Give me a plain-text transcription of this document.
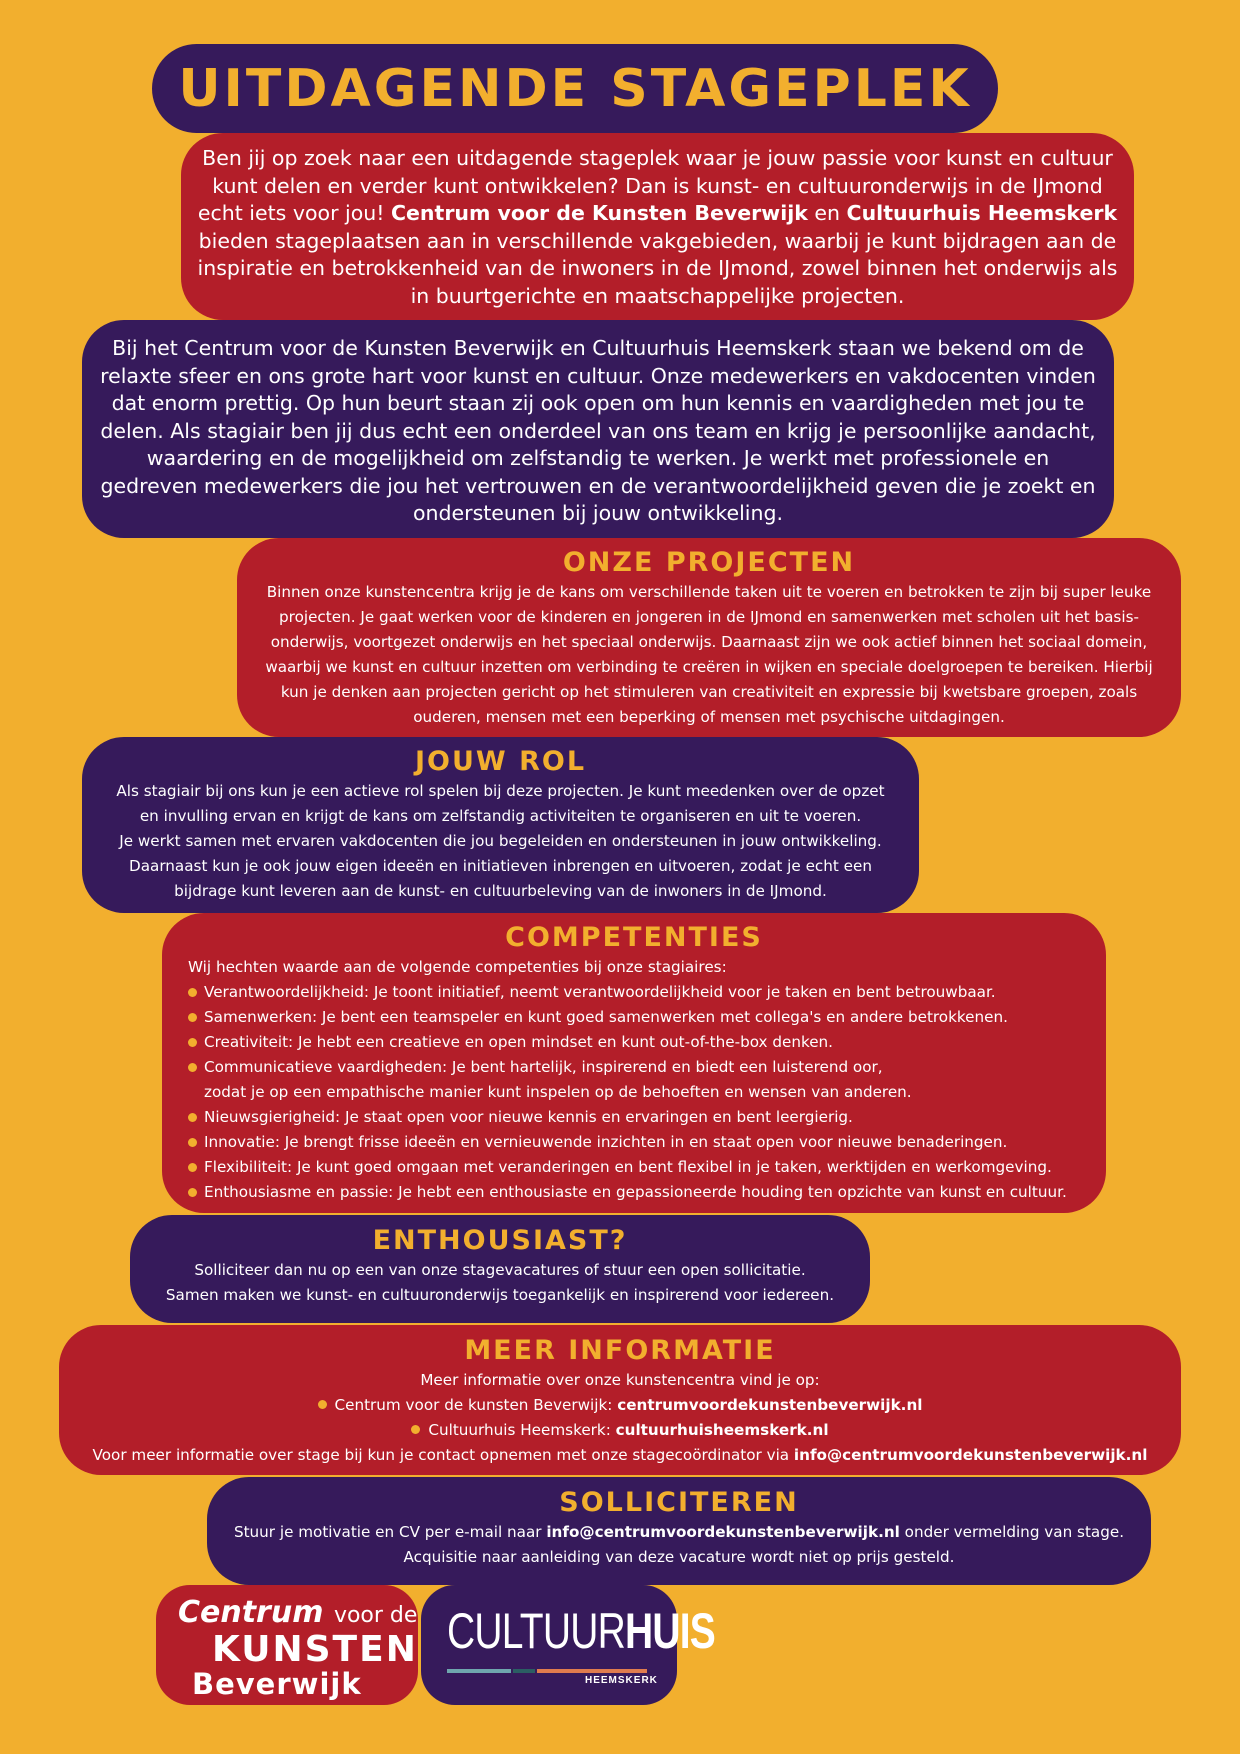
UITDAGENDE STAGEPLEK

Ben jij op zoek naar een uitdagende stageplek waar je jouw passie voor kunst en cultuur kunt delen en verder kunt ontwikkelen? Dan is kunst- en cultuuronderwijs in de IJmond echt iets voor jou! Centrum voor de Kunsten Beverwijk en Cultuurhuis Heemskerk bieden stageplaatsen aan in verschillende vakgebieden, waarbij je kunt bijdragen aan de inspiratie en betrokkenheid van de inwoners in de IJmond, zowel binnen het onderwijs als in buurtgerichte en maatschappelijke projecten.

Bij het Centrum voor de Kunsten Beverwijk en Cultuurhuis Heemskerk staan we bekend om de relaxte sfeer en ons grote hart voor kunst en cultuur. Onze medewerkers en vakdocenten vinden dat enorm prettig. Op hun beurt staan zij ook open om hun kennis en vaardigheden met jou te delen. Als stagiair ben jij dus echt een onderdeel van ons team en krijg je persoonlijke aandacht, waardering en de mogelijkheid om zelfstandig te werken. Je werkt met professionele en gedreven medewerkers die jou het vertrouwen en de verantwoordelijkheid geven die je zoekt en ondersteunen bij jouw ontwikkeling.

ONZE PROJECTEN

Binnen onze kunstencentra krijg je de kans om verschillende taken uit te voeren en betrokken te zijn bij super leuke projecten. Je gaat werken voor de kinderen en jongeren in de IJmond en samenwerken met scholen uit het basis-onderwijs, voortgezet onderwijs en het speciaal onderwijs. Daarnaast zijn we ook actief binnen het sociaal domein, waarbij we kunst en cultuur inzetten om verbinding te creëren in wijken en speciale doelgroepen te bereiken. Hierbij kun je denken aan projecten gericht op het stimuleren van creativiteit en expressie bij kwetsbare groepen, zoals ouderen, mensen met een beperking of mensen met psychische uitdagingen.

JOUW ROL
Als stagiair bij ons kun je een actieve rol spelen bij deze projecten. Je kunt meedenken over de opzet
en invulling ervan en krijgt de kans om zelfstandig activiteiten te organiseren en uit te voeren.
Je werkt samen met ervaren vakdocenten die jou begeleiden en ondersteunen in jouw ontwikkeling.
Daarnaast kun je ook jouw eigen ideeën en initiatieven inbrengen en uitvoeren, zodat je echt een
bijdrage kunt leveren aan de kunst- en cultuurbeleving van de inwoners in de IJmond.
COMPETENTIES
Wij hechten waarde aan de volgende competenties bij onze stagiaires:
Verantwoordelijkheid: Je toont initiatief, neemt verantwoordelijkheid voor je taken en bent betrouwbaar.
Samenwerken: Je bent een teamspeler en kunt goed samenwerken met collega's en andere betrokkenen.
Creativiteit: Je hebt een creatieve en open mindset en kunt out-of-the-box denken.
Communicatieve vaardigheden: Je bent hartelijk, inspirerend en biedt een luisterend oor, zodat je op een empathische manier kunt inspelen op de behoeften en wensen van anderen.
Nieuwsgierigheid: Je staat open voor nieuwe kennis en ervaringen en bent leergierig.
Innovatie: Je brengt frisse ideeën en vernieuwende inzichten in en staat open voor nieuwe benaderingen.
Flexibiliteit: Je kunt goed omgaan met veranderingen en bent flexibel in je taken, werktijden en werkomgeving.
Enthousiasme en passie: Je hebt een enthousiaste en gepassioneerde houding ten opzichte van kunst en cultuur.
ENTHOUSIAST?
Solliciteer dan nu op een van onze stagevacatures of stuur een open sollicitatie.
Samen maken we kunst- en cultuuronderwijs toegankelijk en inspirerend voor iedereen.
MEER INFORMATIE
Meer informatie over onze kunstencentra vind je op:
Centrum voor de kunsten Beverwijk: centrumvoordekunstenbeverwijk.nl
Cultuurhuis Heemskerk: cultuurhuisheemskerk.nl
Voor meer informatie over stage bij kun je contact opnemen met onze stagecoördinator via info@centrumvoordekunstenbeverwijk.nl
SOLLICITEREN
Stuur je motivatie en CV per e-mail naar info@centrumvoordekunstenbeverwijk.nl onder vermelding van stage.
Acquisitie naar aanleiding van deze vacature wordt niet op prijs gesteld.
Centrum voor de
KUNSTEN
Beverwijk
CULTUURHUIS
HEEMSKERK
